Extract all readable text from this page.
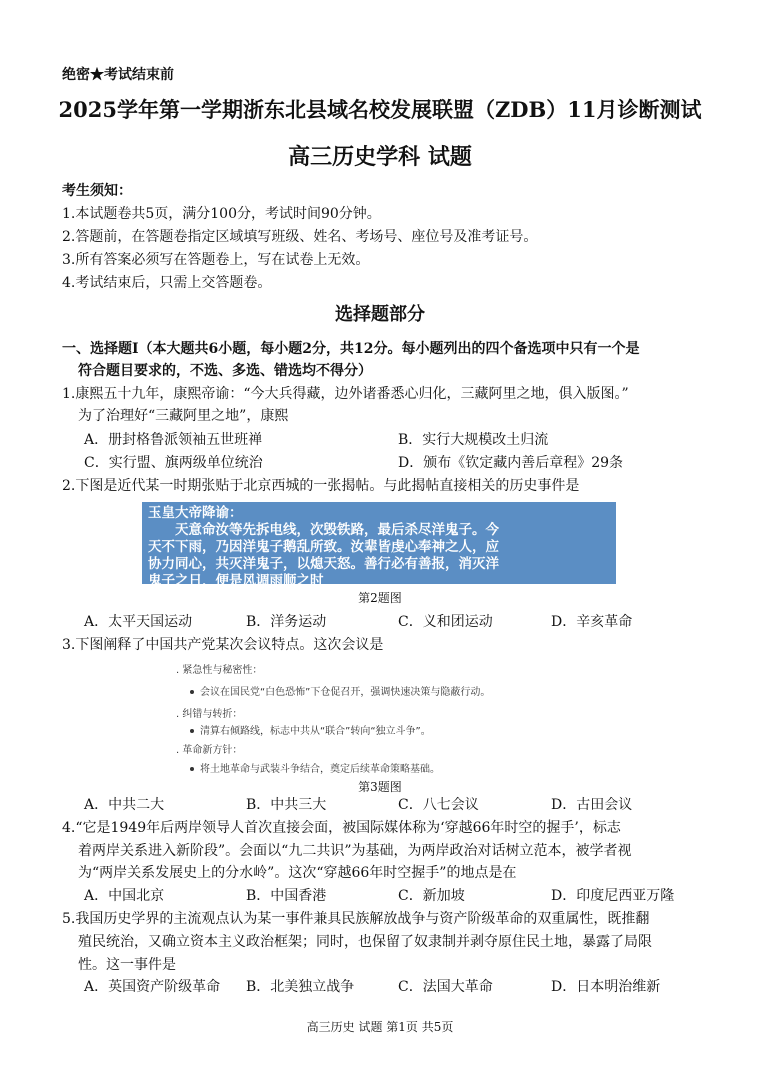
绝密★考试结束前
2025学年第一学期浙东北县域名校发展联盟（ZDB）11月诊断测试
高三历史学科 试题
考生须知：
1.本试题卷共5页，满分100分，考试时间90分钟。
2.答题前，在答题卷指定区域填写班级、姓名、考场号、座位号及准考证号。
3.所有答案必须写在答题卷上，写在试卷上无效。
4.考试结束后，只需上交答题卷。
选择题部分
一、选择题Ⅰ（本大题共6小题，每小题2分，共12分。每小题列出的四个备选项中只有一个是
符合题目要求的，不选、多选、错选均不得分）
1.康熙五十九年，康熙帝谕：“今大兵得藏，边外诸番悉心归化，三藏阿里之地，俱入版图。”
为了治理好“三藏阿里之地”，康熙
A．册封格鲁派领袖五世班禅	B．实行大规模改土归流
C．实行盟、旗两级单位统治	D．颁布《钦定藏内善后章程》29条
2.下图是近代某一时期张贴于北京西城的一张揭帖。与此揭帖直接相关的历史事件是
玉皇大帝降谕：
　　天意命汝等先拆电线，次毁铁路，最后杀尽洋鬼子。今
天不下雨，乃因洋鬼子鹅乱所致。汝辈皆虔心奉神之人，应
协力同心，共灭洋鬼子，以熄天怒。善行必有善报，消灭洋
鬼子之日，便是风调雨顺之时
第2题图
A．太平天国运动	B．洋务运动	C．义和团运动	D．辛亥革命
3.下图阐释了中国共产党某次会议特点。这次会议是
. 紧急性与秘密性：
会议在国民党“白色恐怖”下仓促召开，强调快速决策与隐蔽行动。
. 纠错与转折：
清算右倾路线，标志中共从“联合”转向“独立斗争”。
. 革命新方针：
将土地革命与武装斗争结合，奠定后续革命策略基础。
第3题图
A．中共二大	B．中共三大	C．八七会议	D．古田会议
4.“它是1949年后两岸领导人首次直接会面，被国际媒体称为‘穿越66年时空的握手’，标志
着两岸关系进入新阶段”。会面以“九二共识”为基础，为两岸政治对话树立范本，被学者视
为“两岸关系发展史上的分水岭”。这次“穿越66年时空握手”的地点是在
A．中国北京	B．中国香港	C．新加坡	D．印度尼西亚万隆
5.我国历史学界的主流观点认为某一事件兼具民族解放战争与资产阶级革命的双重属性，既推翻
殖民统治，又确立资本主义政治框架；同时，也保留了奴隶制并剥夺原住民土地，暴露了局限
性。这一事件是
A．英国资产阶级革命 B．北美独立战争	C．法国大革命	D．日本明治维新
高三历史 试题 第1页 共5页
